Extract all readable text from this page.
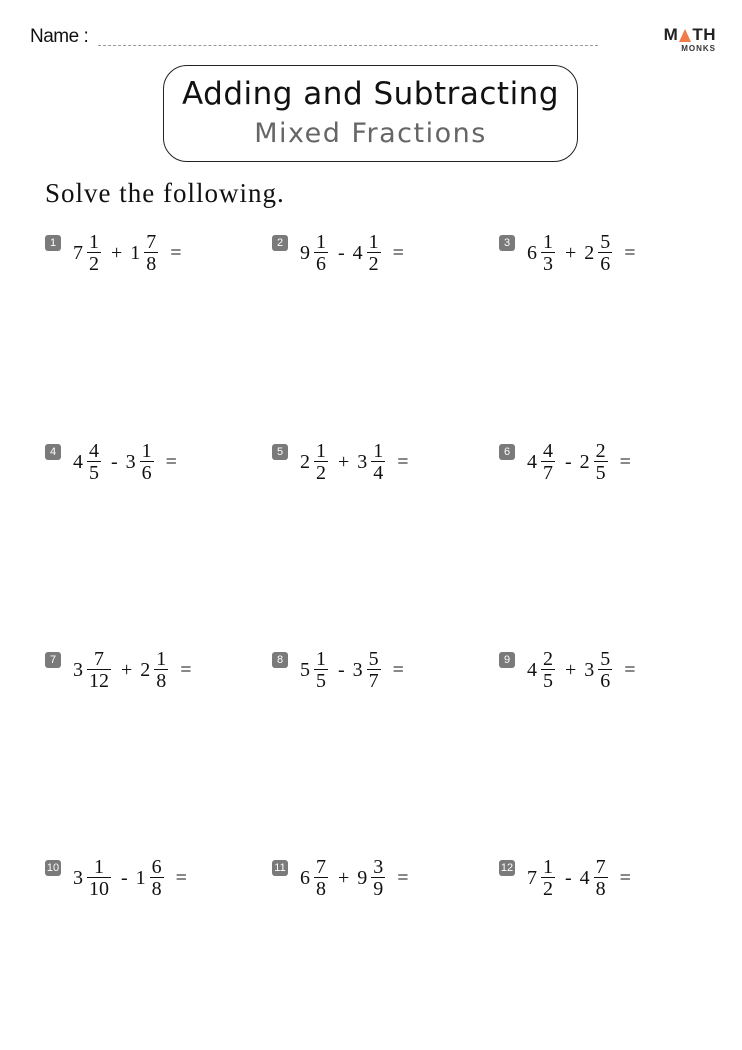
Name :	M TH
MONKS
Adding and Subtracting
Mixed Fractions
Solve the following.
1 $7 \frac{1}{2} + 1 \frac{7}{8}$ =	2 $9 \frac{1}{6} - 4 \frac{1}{2}$ =	3 $6 \frac{1}{3} + 2 \frac{5}{6}$ =
4 $4 \frac{4}{5} - 3 \frac{1}{6}$ =	5 $2 \frac{1}{2} + 3 \frac{1}{4}$ =	6 $4 \frac{4}{7} - 2 \frac{2}{5}$ =
7 $3 \frac{7}{12} + 2 \frac{1}{8}$ =	8 $5 \frac{1}{5} - 3 \frac{5}{7}$ =	9 $4 \frac{2}{5} + 3 \frac{5}{6}$ =
10 $3 \frac{1}{10} - 1 \frac{6}{8}$ =	11 $6 \frac{7}{8} + 9 \frac{3}{9}$ =	12 $7 \frac{1}{2} - 4 \frac{7}{8}$ =
